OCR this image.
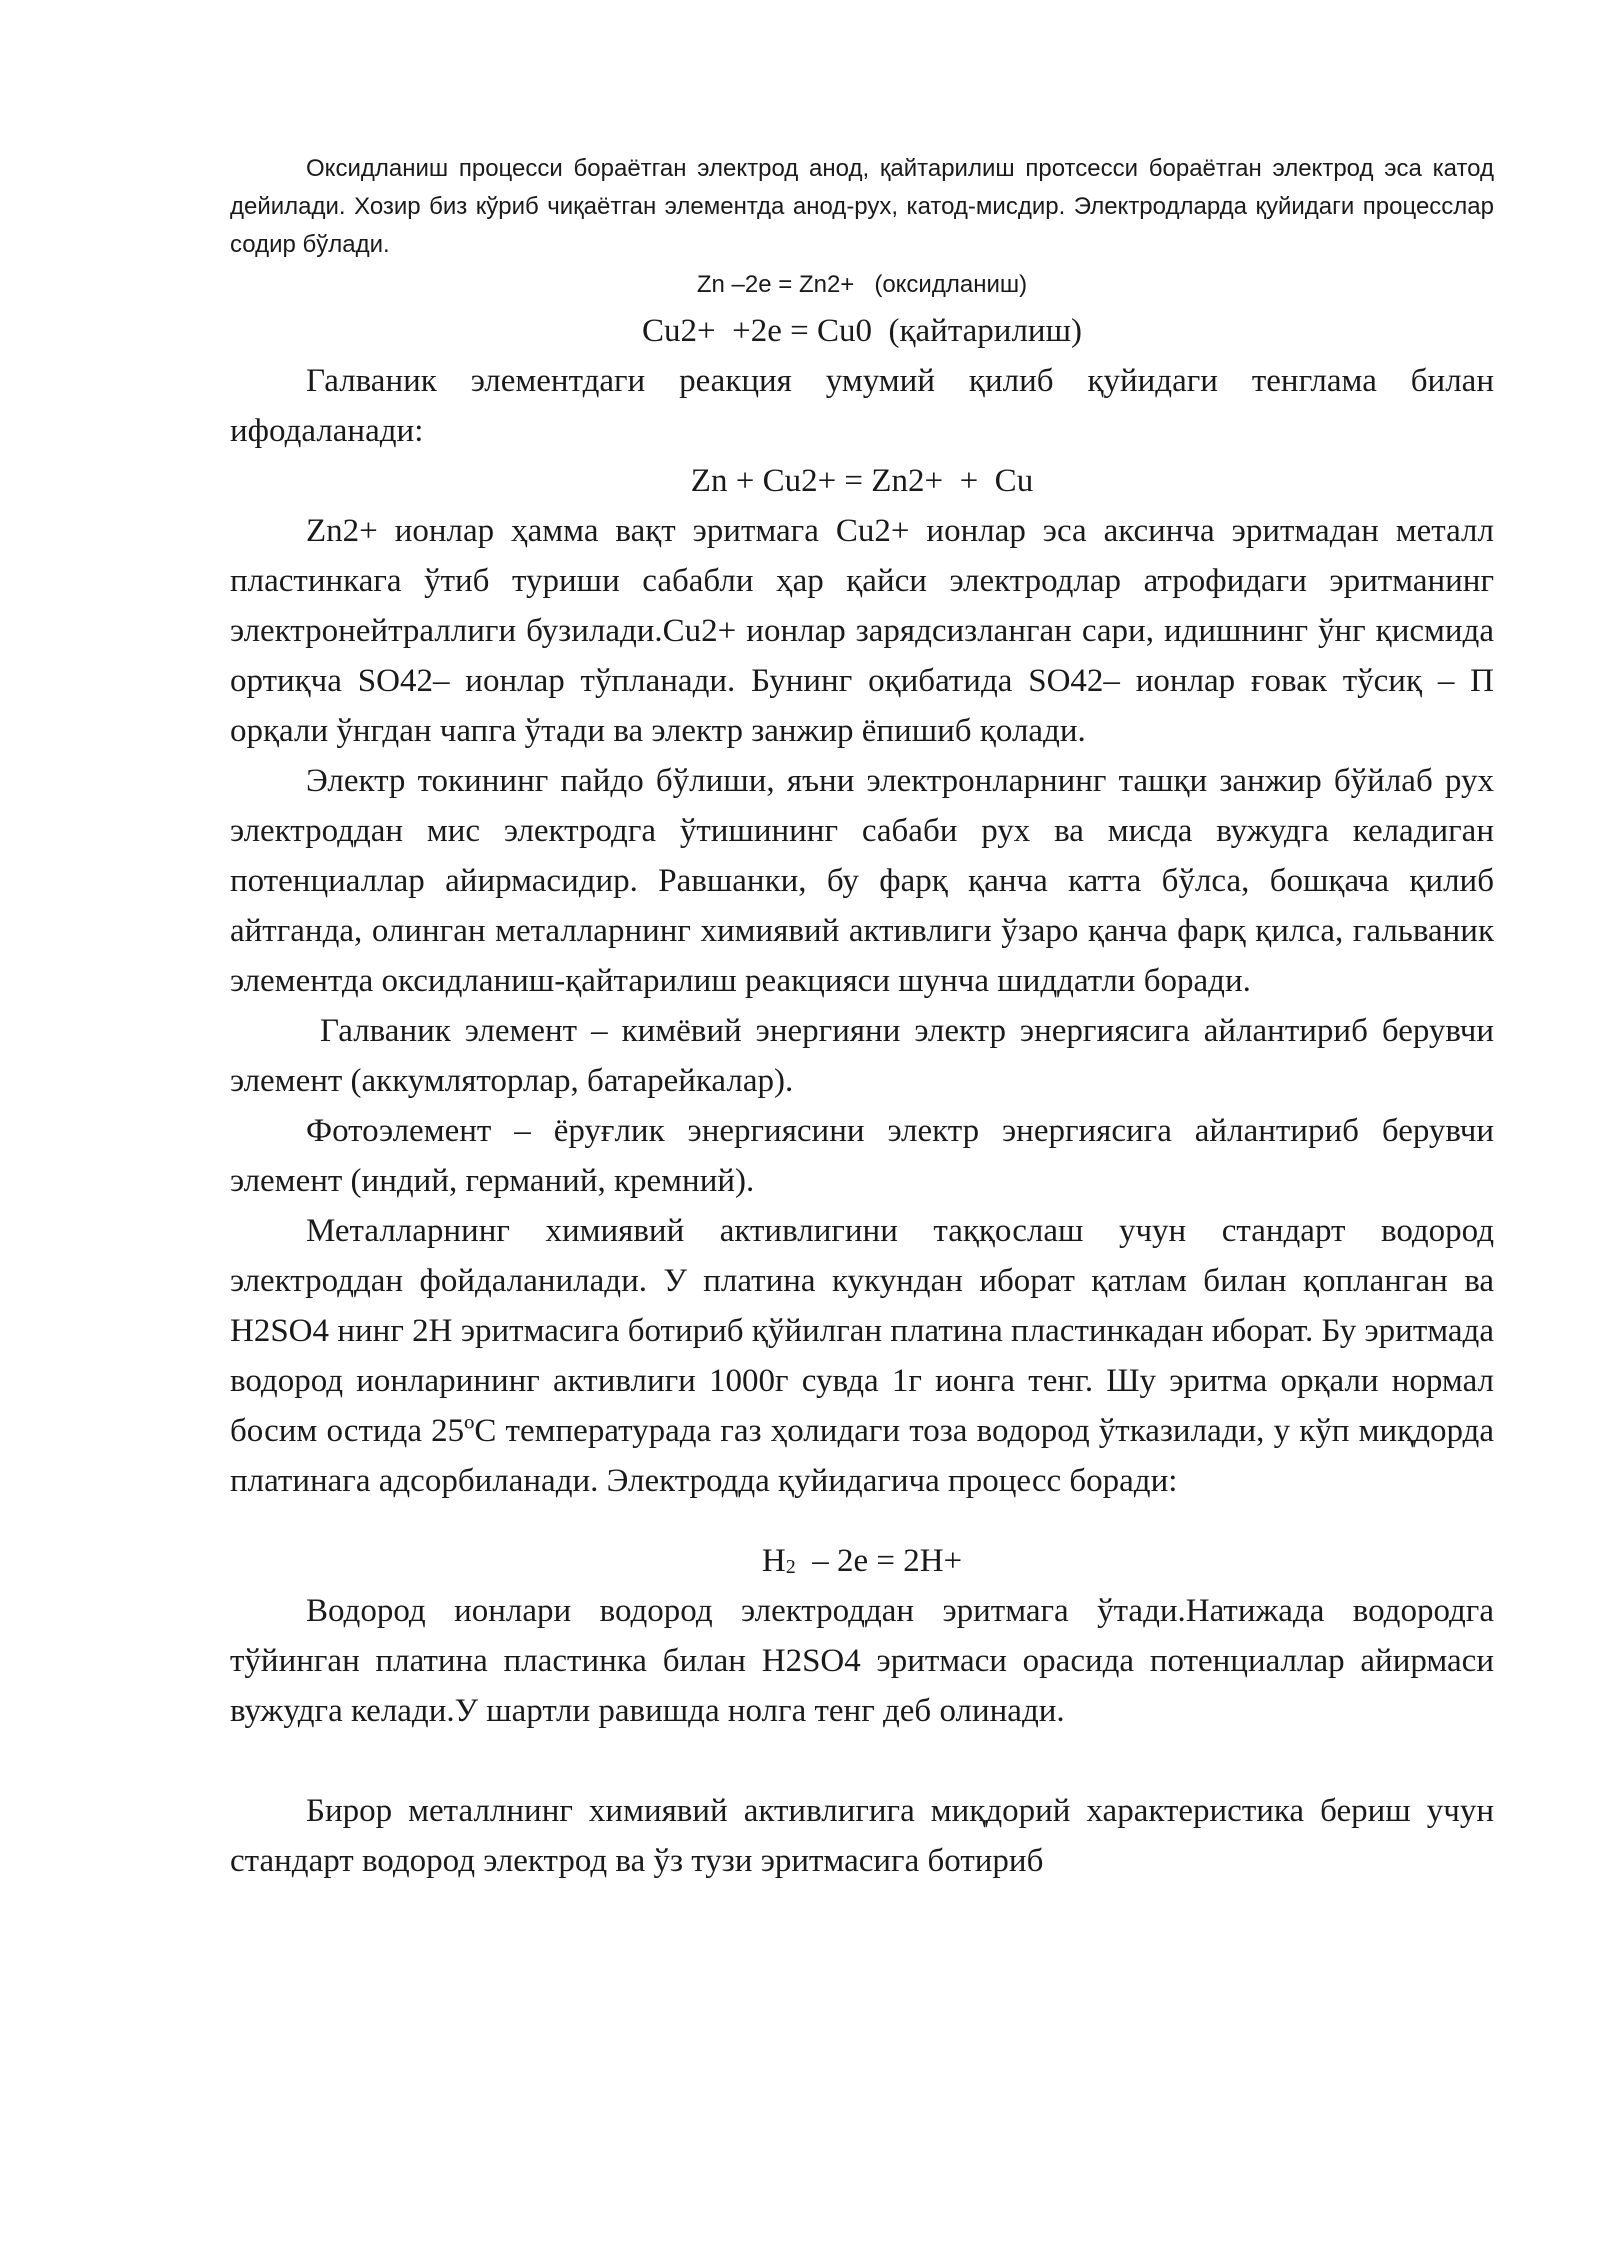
Оксидланиш процесси бораётган электрод анод, қайтарилиш протсесси бораётган электрод эса катод дейилади. Хозир биз кўриб чиқаётган элементда анод-рух, катод-мисдир. Электродларда қуйидаги процесслар содир бўлади.

Zn –2e = Zn2+   (оксидланиш)

Cu2+  +2e = Cu0  (қайтарилиш)

Галваник элементдаги реакция умумий қилиб қуйидаги тенглама билан ифодаланади:

Zn + Cu2+ = Zn2+  +  Cu

Zn2+ ионлар ҳамма вақт эритмага Cu2+ ионлар эса аксинча эритмадан металл пластинкага ўтиб туриши сабабли ҳар қайси электродлар атрофидаги эритманинг электронейтраллиги бузилади.Cu2+ ионлар зарядсизланган сари, идишнинг ўнг қисмида ортиқча SO42– ионлар тўпланади. Бунинг оқибатида SO42– ионлар ғовак тўсиқ – П орқали ўнгдан чапга ўтади ва электр занжир ёпишиб қолади.

Электр токининг пайдо бўлиши, яъни электронларнинг ташқи занжир бўйлаб рух электроддан мис электродга ўтишининг сабаби рух ва мисда вужудга келадиган потенциаллар айирмасидир. Равшанки, бу фарқ қанча катта бўлса, бошқача қилиб айтганда, олинган металларнинг химиявий активлиги ўзаро қанча фарқ қилса, гальваник элементда оксидланиш-қайтарилиш реакцияси шунча шиддатли боради.

Галваник элемент – кимёвий энергияни электр энергиясига айлантириб берувчи элемент (аккумляторлар, батарейкалар).

Фотоэлемент – ёруғлик энергиясини электр энергиясига айлантириб берувчи элемент (индий, германий, кремний).

Металларнинг химиявий активлигини таққослаш учун стандарт водород электроддан фойдаланилади. У платина кукундан иборат қатлам билан қопланган ва H2SO4 нинг 2H эритмасига ботириб қўйилган платина пластинкадан иборат. Бу эритмада водород ионларининг активлиги 1000г сувда 1г ионга тенг. Шу эритма орқали нормал босим остида 25ºС температурада газ ҳолидаги тоза водород ўтказилади, у кўп миқдорда платинага адсорбиланади. Электродда қуйидагича процесс боради:

$H_2 - 2e = 2H+$

Водород ионлари водород электроддан эритмага ўтади.Натижада водородга тўйинган платина пластинка билан H2SO4 эритмаси орасида потенциаллар айирмаси вужудга келади.У шартли равишда нолга тенг деб олинади.

Бирор металлнинг химиявий активлигига миқдорий характеристика бериш учун стандарт водород электрод ва ўз тузи эритмасига ботириб
